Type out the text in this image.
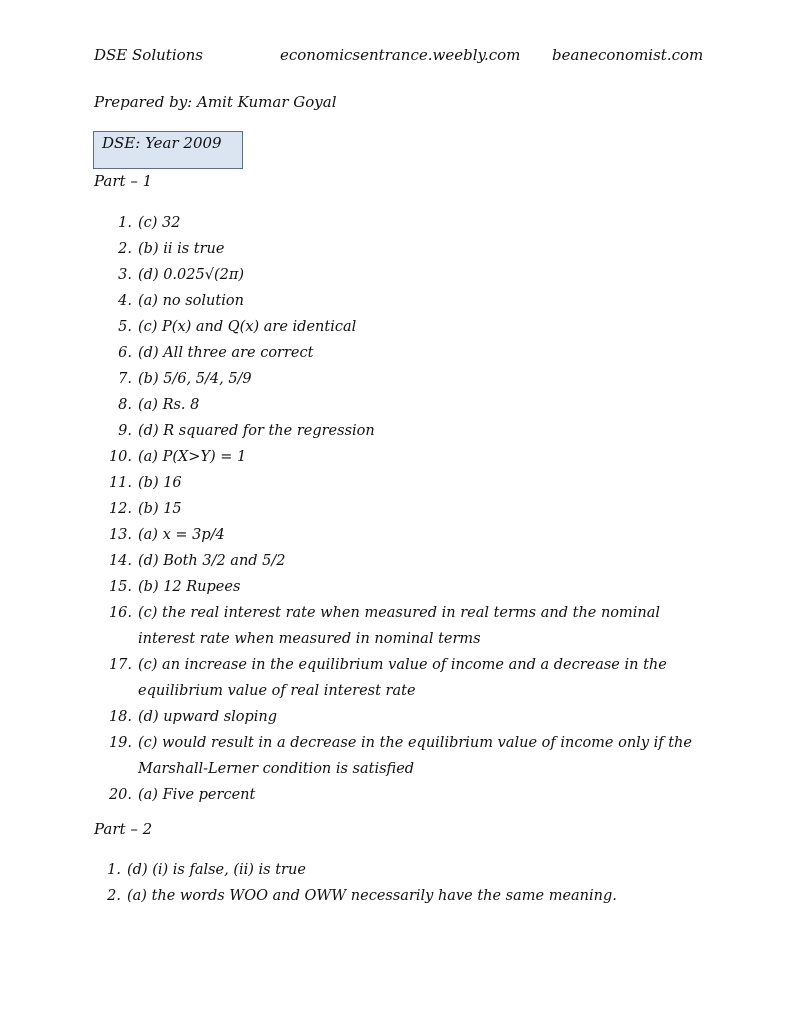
DSE Solutions	economicsentrance.weebly.com beaneconomist.com
Prepared by: Amit Kumar Goyal
DSE: Year 2009
Part – 1
1. (c) 32
2. (b) ii is true
3. (d) 0.025√(2π)
4. (a) no solution
5. (c) P(x) and Q(x) are identical
6. (d) All three are correct
7. (b) 5/6, 5/4, 5/9
8. (a) Rs. 8
9. (d) R squared for the regression
10. (a) P(X>Y) = 1
11. (b) 16
12. (b) 15
13. (a) x = 3p/4
14. (d) Both 3/2 and 5/2
15. (b) 12 Rupees
16. (c) the real interest rate when measured in real terms and the nominal interest rate when measured in nominal terms
17. (c) an increase in the equilibrium value of income and a decrease in the equilibrium value of real interest rate
18. (d) upward sloping
19. (c) would result in a decrease in the equilibrium value of income only if the Marshall-Lerner condition is satisfied
20. (a) Five percent
Part – 2
1. (d) (i) is false, (ii) is true
2. (a) the words WOO and OWW necessarily have the same meaning.
